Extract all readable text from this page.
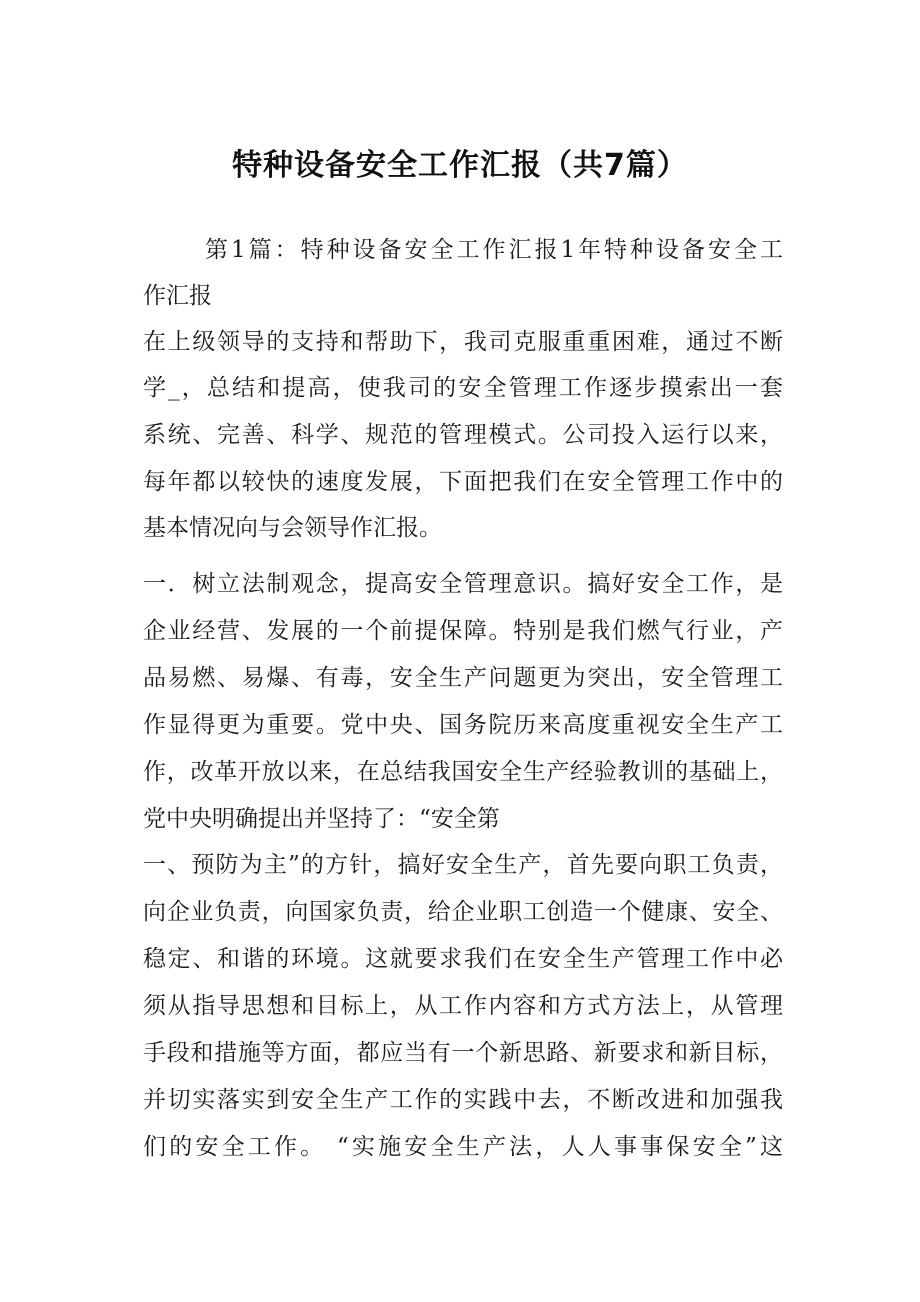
特种设备安全工作汇报（共7篇）
第1篇：特种设备安全工作汇报1年特种设备安全工
作汇报
在上级领导的支持和帮助下，我司克服重重困难，通过不断
学_，总结和提高，使我司的安全管理工作逐步摸索出一套
系统、完善、科学、规范的管理模式。公司投入运行以来，
每年都以较快的速度发展，下面把我们在安全管理工作中的
基本情况向与会领导作汇报。
一．树立法制观念，提高安全管理意识。搞好安全工作，是
企业经营、发展的一个前提保障。特别是我们燃气行业，产
品易燃、易爆、有毒，安全生产问题更为突出，安全管理工
作显得更为重要。党中央、国务院历来高度重视安全生产工
作，改革开放以来，在总结我国安全生产经验教训的基础上，
党中央明确提出并坚持了：“安全第
一、预防为主”的方针，搞好安全生产，首先要向职工负责，
向企业负责，向国家负责，给企业职工创造一个健康、安全、
稳定、和谐的环境。这就要求我们在安全生产管理工作中必
须从指导思想和目标上，从工作内容和方式方法上，从管理
手段和措施等方面，都应当有一个新思路、新要求和新目标，
并切实落实到安全生产工作的实践中去，不断改进和加强我
们的安全工作。 “实施安全生产法，人人事事保安全”这
